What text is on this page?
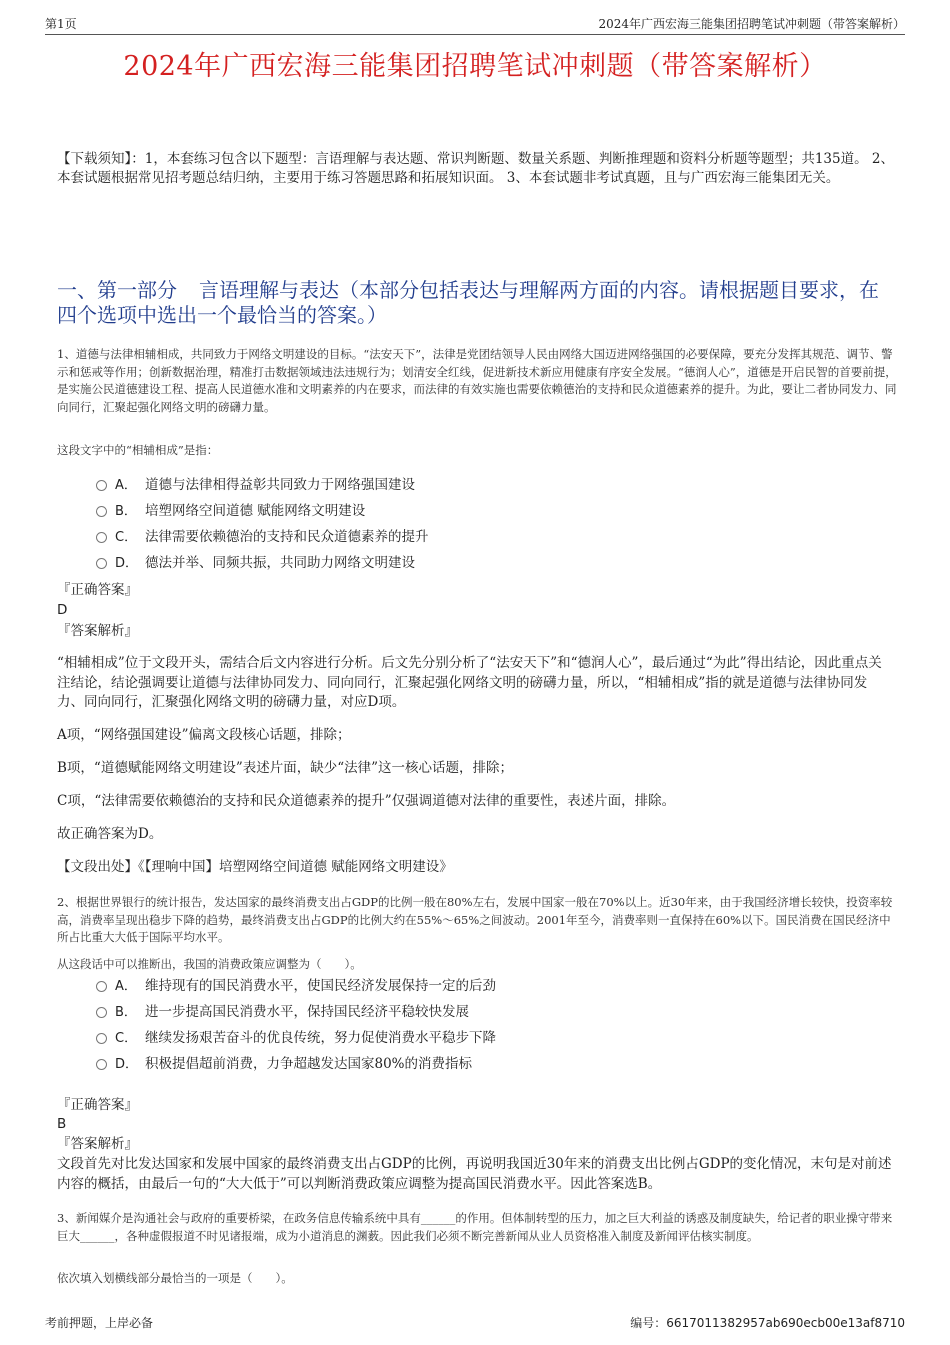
第1页	2024年广西宏海三能集团招聘笔试冲刺题（带答案解析）
2024年广西宏海三能集团招聘笔试冲刺题（带答案解析）
【下载须知】：1，本套练习包含以下题型：言语理解与表达题、常识判断题、数量关系题、判断推理题和资料分析题等题型；共135道。 2、本套试题根据常见招考题总结归纳，主要用于练习答题思路和拓展知识面。 3、本套试题非考试真题，且与广西宏海三能集团无关。
一、第一部分 言语理解与表达（本部分包括表达与理解两方面的内容。请根据题目要求，在四个选项中选出一个最恰当的答案。）
1、道德与法律相辅相成，共同致力于网络文明建设的目标。“法安天下”，法律是党团结领导人民由网络大国迈进网络强国的必要保障，要充分发挥其规范、调节、警示和惩戒等作用；创新数据治理，精准打击数据领域违法违规行为；划清安全红线，促进新技术新应用健康有序安全发展。“德润人心”，道德是开启民智的首要前提，是实施公民道德建设工程、提高人民道德水准和文明素养的内在要求，而法律的有效实施也需要依赖德治的支持和民众道德素养的提升。为此，要让二者协同发力、同向同行，汇聚起强化网络文明的磅礴力量。
这段文字中的“相辅相成”是指：
A． 道德与法律相得益彰共同致力于网络强国建设
B． 培塑网络空间道德 赋能网络文明建设
C． 法律需要依赖德治的支持和民众道德素养的提升
D． 德法并举、同频共振，共同助力网络文明建设
『正确答案』
D
『答案解析』
“相辅相成”位于文段开头，需结合后文内容进行分析。后文先分别分析了“法安天下”和“德润人心”，最后通过“为此”得出结论，因此重点关注结论，结论强调要让道德与法律协同发力、同向同行，汇聚起强化网络文明的磅礴力量，所以，“相辅相成”指的就是道德与法律协同发力、同向同行，汇聚强化网络文明的磅礴力量，对应D项。
A项，“网络强国建设”偏离文段核心话题，排除；
B项，“道德赋能网络文明建设”表述片面，缺少“法律”这一核心话题，排除；
C项，“法律需要依赖德治的支持和民众道德素养的提升”仅强调道德对法律的重要性，表述片面，排除。
故正确答案为D。
【文段出处】《【理响中国】培塑网络空间道德 赋能网络文明建设》
2、根据世界银行的统计报告，发达国家的最终消费支出占GDP的比例一般在80%左右，发展中国家一般在70%以上。近30年来，由于我国经济增长较快，投资率较高，消费率呈现出稳步下降的趋势，最终消费支出占GDP的比例大约在55%～65%之间波动。2001年至今，消费率则一直保持在60%以下。国民消费在国民经济中所占比重大大低于国际平均水平。
从这段话中可以推断出，我国的消费政策应调整为（　　）。
A． 维持现有的国民消费水平，使国民经济发展保持一定的后劲
B． 进一步提高国民消费水平，保持国民经济平稳较快发展
C． 继续发扬艰苦奋斗的优良传统，努力促使消费水平稳步下降
D． 积极提倡超前消费，力争超越发达国家80%的消费指标
『正确答案』
B
『答案解析』
文段首先对比发达国家和发展中国家的最终消费支出占GDP的比例，再说明我国近30年来的消费支出比例占GDP的变化情况，末句是对前述内容的概括，由最后一句的“大大低于”可以判断消费政策应调整为提高国民消费水平。因此答案选B。
3、新闻媒介是沟通社会与政府的重要桥梁，在政务信息传输系统中具有______的作用。但体制转型的压力，加之巨大利益的诱惑及制度缺失，给记者的职业操守带来巨大______，各种虚假报道不时见诸报端，成为小道消息的渊薮。因此我们必须不断完善新闻从业人员资格准入制度及新闻评估核实制度。
依次填入划横线部分最恰当的一项是（　　）。
考前押题，上岸必备	编号：6617011382957ab690ecb00e13af8710
